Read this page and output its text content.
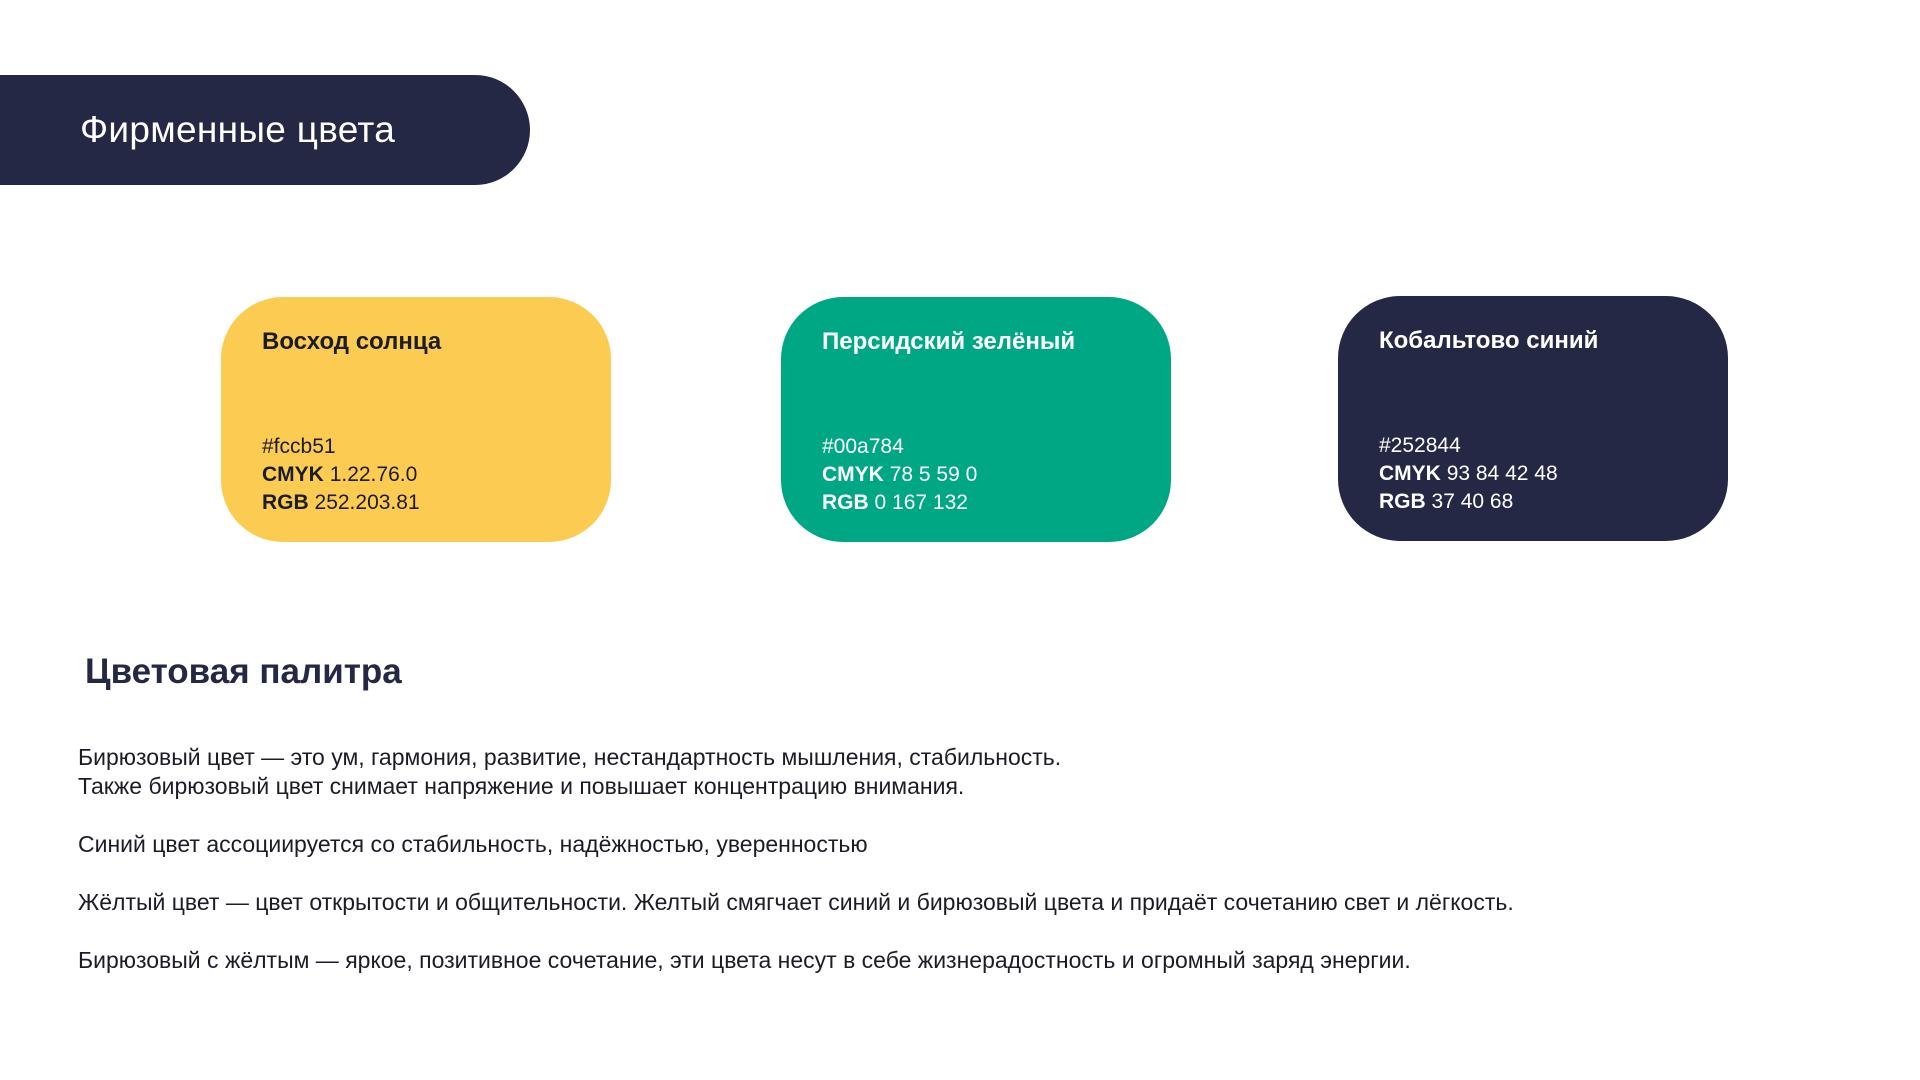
Фирменные цвета

Восход солнца

#fccb51
CMYK 1.22.76.0
RGB 252.203.81

Персидский зелёный

#00a784
CMYK 78 5 59 0
RGB 0 167 132

Кобальтово синий

#252844
CMYK 93 84 42 48
RGB 37 40 68
Цветовая палитра

Бирюзовый цвет — это ум, гармония, развитие, нестандартность мышления, стабильность.
Также бирюзовый цвет снимает напряжение и повышает концентрацию внимания.

Синий цвет ассоциируется со стабильность, надёжностью, уверенностью

Жёлтый цвет — цвет открытости и общительности. Желтый смягчает синий и бирюзовый цвета и придаёт сочетанию свет и лёгкость.

Бирюзовый с жёлтым — яркое, позитивное сочетание, эти цвета несут в себе жизнерадостность и огромный заряд энергии.
